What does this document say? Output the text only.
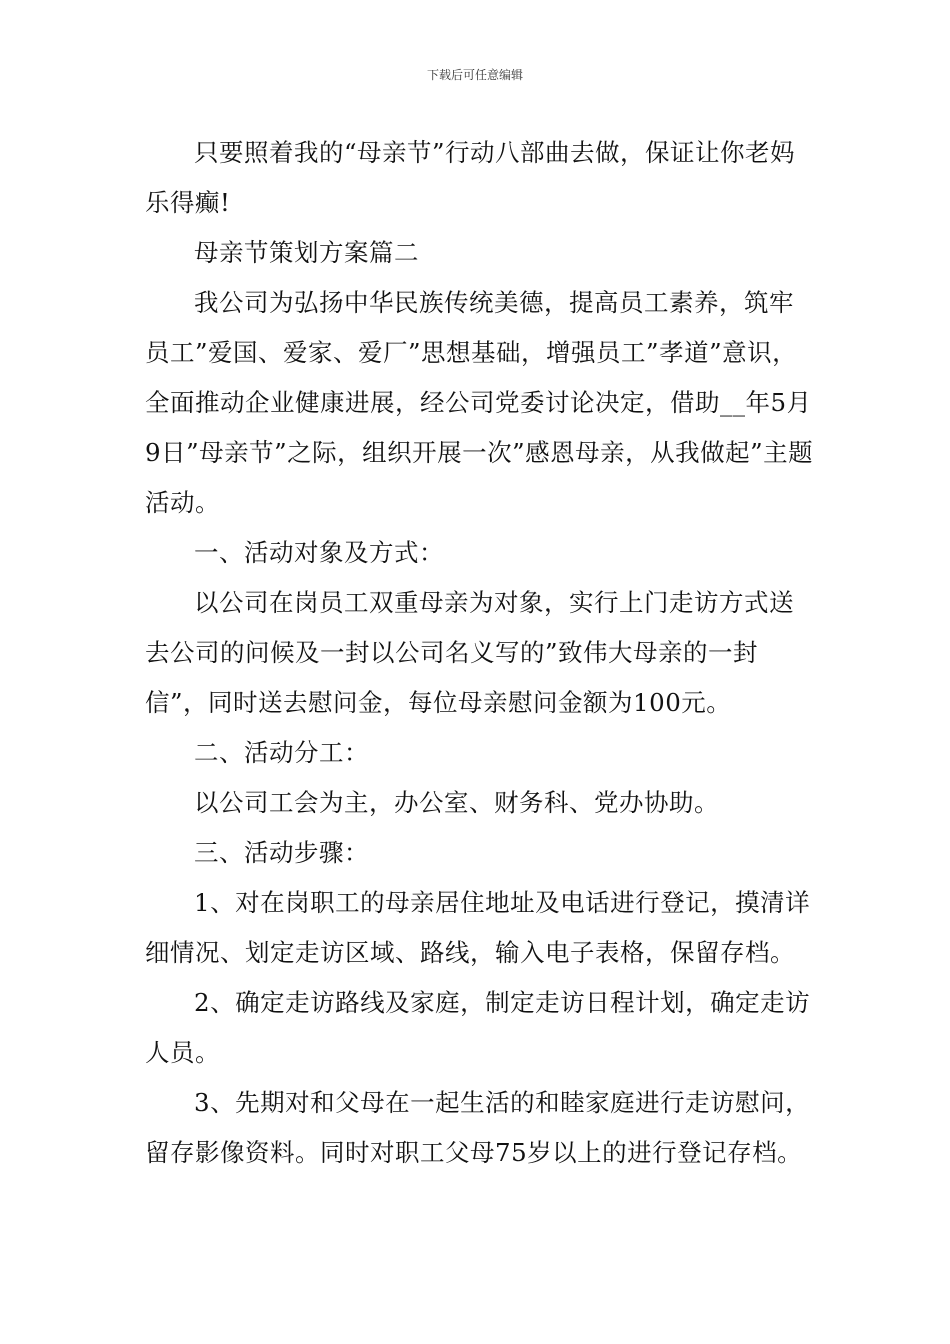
下载后可任意编辑

只要照着我的“母亲节”行动八部曲去做，保证让你老妈乐得癫!

母亲节策划方案篇二

我公司为弘扬中华民族传统美德，提高员工素养，筑牢员工”爱国、爱家、爱厂”思想基础，增强员工”孝道”意识，全面推动企业健康进展，经公司党委讨论决定，借助__年5月9日”母亲节”之际，组织开展一次”感恩母亲，从我做起”主题活动。

一、活动对象及方式：

以公司在岗员工双重母亲为对象，实行上门走访方式送去公司的问候及一封以公司名义写的”致伟大母亲的一封信”，同时送去慰问金，每位母亲慰问金额为100元。

二、活动分工：

以公司工会为主，办公室、财务科、党办协助。

三、活动步骤：

1、对在岗职工的母亲居住地址及电话进行登记，摸清详细情况、划定走访区域、路线，输入电子表格，保留存档。

2、确定走访路线及家庭，制定走访日程计划，确定走访人员。

3、先期对和父母在一起生活的和睦家庭进行走访慰问，留存影像资料。同时对职工父母75岁以上的进行登记存档。
